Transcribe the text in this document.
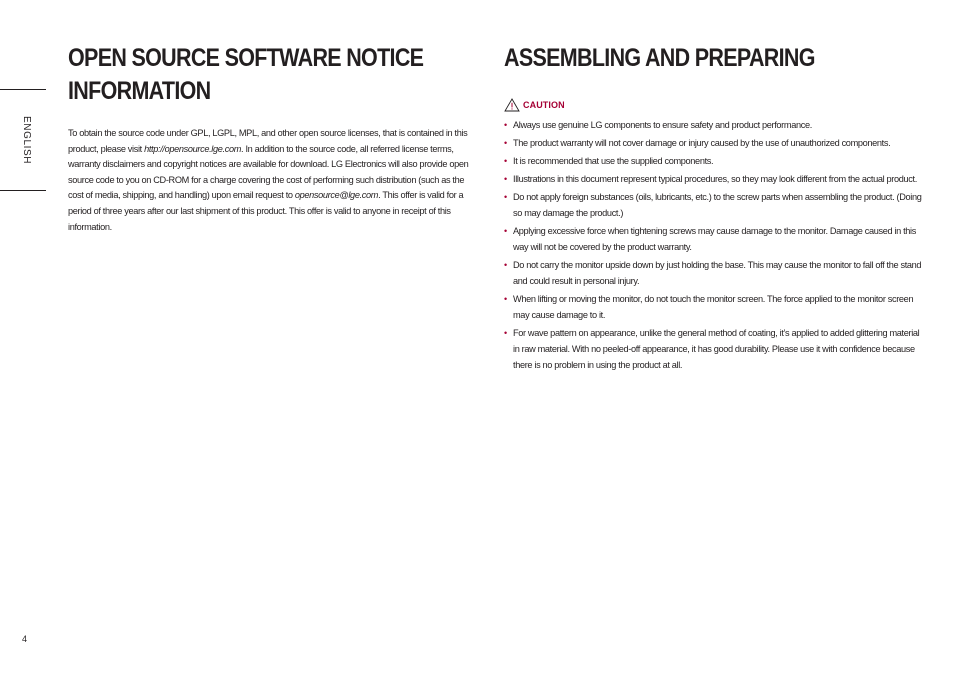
ENGLISH
4
OPEN SOURCE SOFTWARE NOTICE
INFORMATION

To obtain the source code under GPL, LGPL, MPL, and other open source licenses, that is contained in this product, please visit http://opensource.lge.com. In addition to the source code, all referred license terms, warranty disclaimers and copyright notices are available for download. LG Electronics will also provide open source code to you on CD-ROM for a charge covering the cost of performing such distribution (such as the cost of media, shipping, and handling) upon email request to opensource@lge.com. This offer is valid for a period of three years after our last shipment of this product. This offer is valid to anyone in receipt of this information.

ASSEMBLING AND PREPARING
CAUTION
• Always use genuine LG components to ensure safety and product performance.
• The product warranty will not cover damage or injury caused by the use of unauthorized components.
• It is recommended that use the supplied components.
• Illustrations in this document represent typical procedures, so they may look different from the actual product.
• Do not apply foreign substances (oils, lubricants, etc.) to the screw parts when assembling the product. (Doing so may damage the product.)
• Applying excessive force when tightening screws may cause damage to the monitor. Damage caused in this way will not be covered by the product warranty.
• Do not carry the monitor upside down by just holding the base. This may cause the monitor to fall off the stand and could result in personal injury.
• When lifting or moving the monitor, do not touch the monitor screen. The force applied to the monitor screen may cause damage to it.
• For wave pattern on appearance, unlike the general method of coating, it’s applied to added glittering material in raw material. With no peeled-off appearance, it has good durability. Please use it with confidence because there is no problem in using the product at all.
